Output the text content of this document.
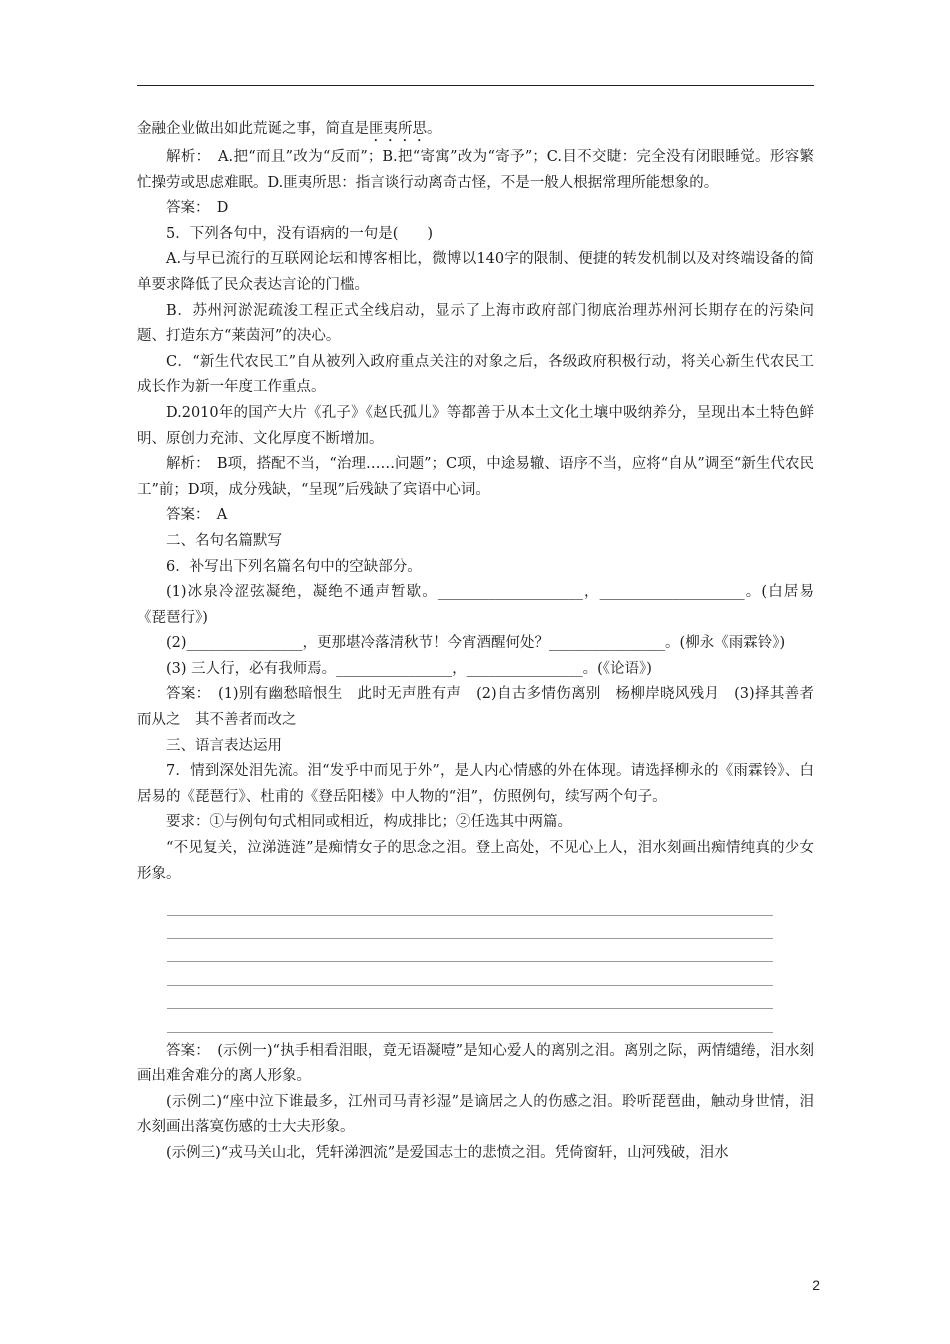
金融企业做出如此荒诞之事，简直是匪夷所思。

解析：　A.把“而且”改为“反而”；B.把“寄寓”改为“寄予”；C.目不交睫：完全没有闭眼睡觉。形容繁忙操劳或思虑难眠。D.匪夷所思：指言谈行动离奇古怪，不是一般人根据常理所能想象的。

答案：　D

5．下列各句中，没有语病的一句是(　　)

A.与早已流行的互联网论坛和博客相比，微博以140字的限制、便捷的转发机制以及对终端设备的简单要求降低了民众表达言论的门槛。

B．苏州河淤泥疏浚工程正式全线启动，显示了上海市政府部门彻底治理苏州河长期存在的污染问题、打造东方“莱茵河”的决心。

C．“新生代农民工”自从被列入政府重点关注的对象之后，各级政府积极行动，将关心新生代农民工成长作为新一年度工作重点。

D.2010年的国产大片《孔子》《赵氏孤儿》等都善于从本土文化土壤中吸纳养分，呈现出本土特色鲜明、原创力充沛、文化厚度不断增加。

解析：　B项，搭配不当，“治理……问题”；C项，中途易辙、语序不当，应将“自从”调至“新生代农民工”前；D项，成分残缺，“呈现”后残缺了宾语中心词。

答案：　A

二、名句名篇默写

6．补写出下列名篇名句中的空缺部分。

(1)冰泉冷涩弦凝绝，凝绝不通声暂歇。____________________，____________________。(白居易《琵琶行》)

(2)________________，更那堪冷落清秋节！今宵酒醒何处？________________。(柳永《雨霖铃》)

(3) 三人行，必有我师焉。________________，________________。(《论语》)

答案：　(1)别有幽愁暗恨生　此时无声胜有声　(2)自古多情伤离别　杨柳岸晓风残月　(3)择其善者而从之　其不善者而改之

三、语言表达运用

7．情到深处泪先流。泪“发乎中而见于外”，是人内心情感的外在体现。请选择柳永的《雨霖铃》、白居易的《琵琶行》、杜甫的《登岳阳楼》中人物的“泪”，仿照例句，续写两个句子。

要求：①与例句句式相同或相近，构成排比；②任选其中两篇。

“不见复关，泣涕涟涟”是痴情女子的思念之泪。登上高处，不见心上人，泪水刻画出痴情纯真的少女形象。

答案：　(示例一)“执手相看泪眼，竟无语凝噎”是知心爱人的离别之泪。离别之际，两情缱绻，泪水刻画出难舍难分的离人形象。

(示例二)“座中泣下谁最多，江州司马青衫湿”是谪居之人的伤感之泪。聆听琵琶曲，触动身世情，泪水刻画出落寞伤感的士大夫形象。

(示例三)“戎马关山北，凭轩涕泗流”是爱国志士的悲愤之泪。凭倚窗轩，山河残破，泪水

2
